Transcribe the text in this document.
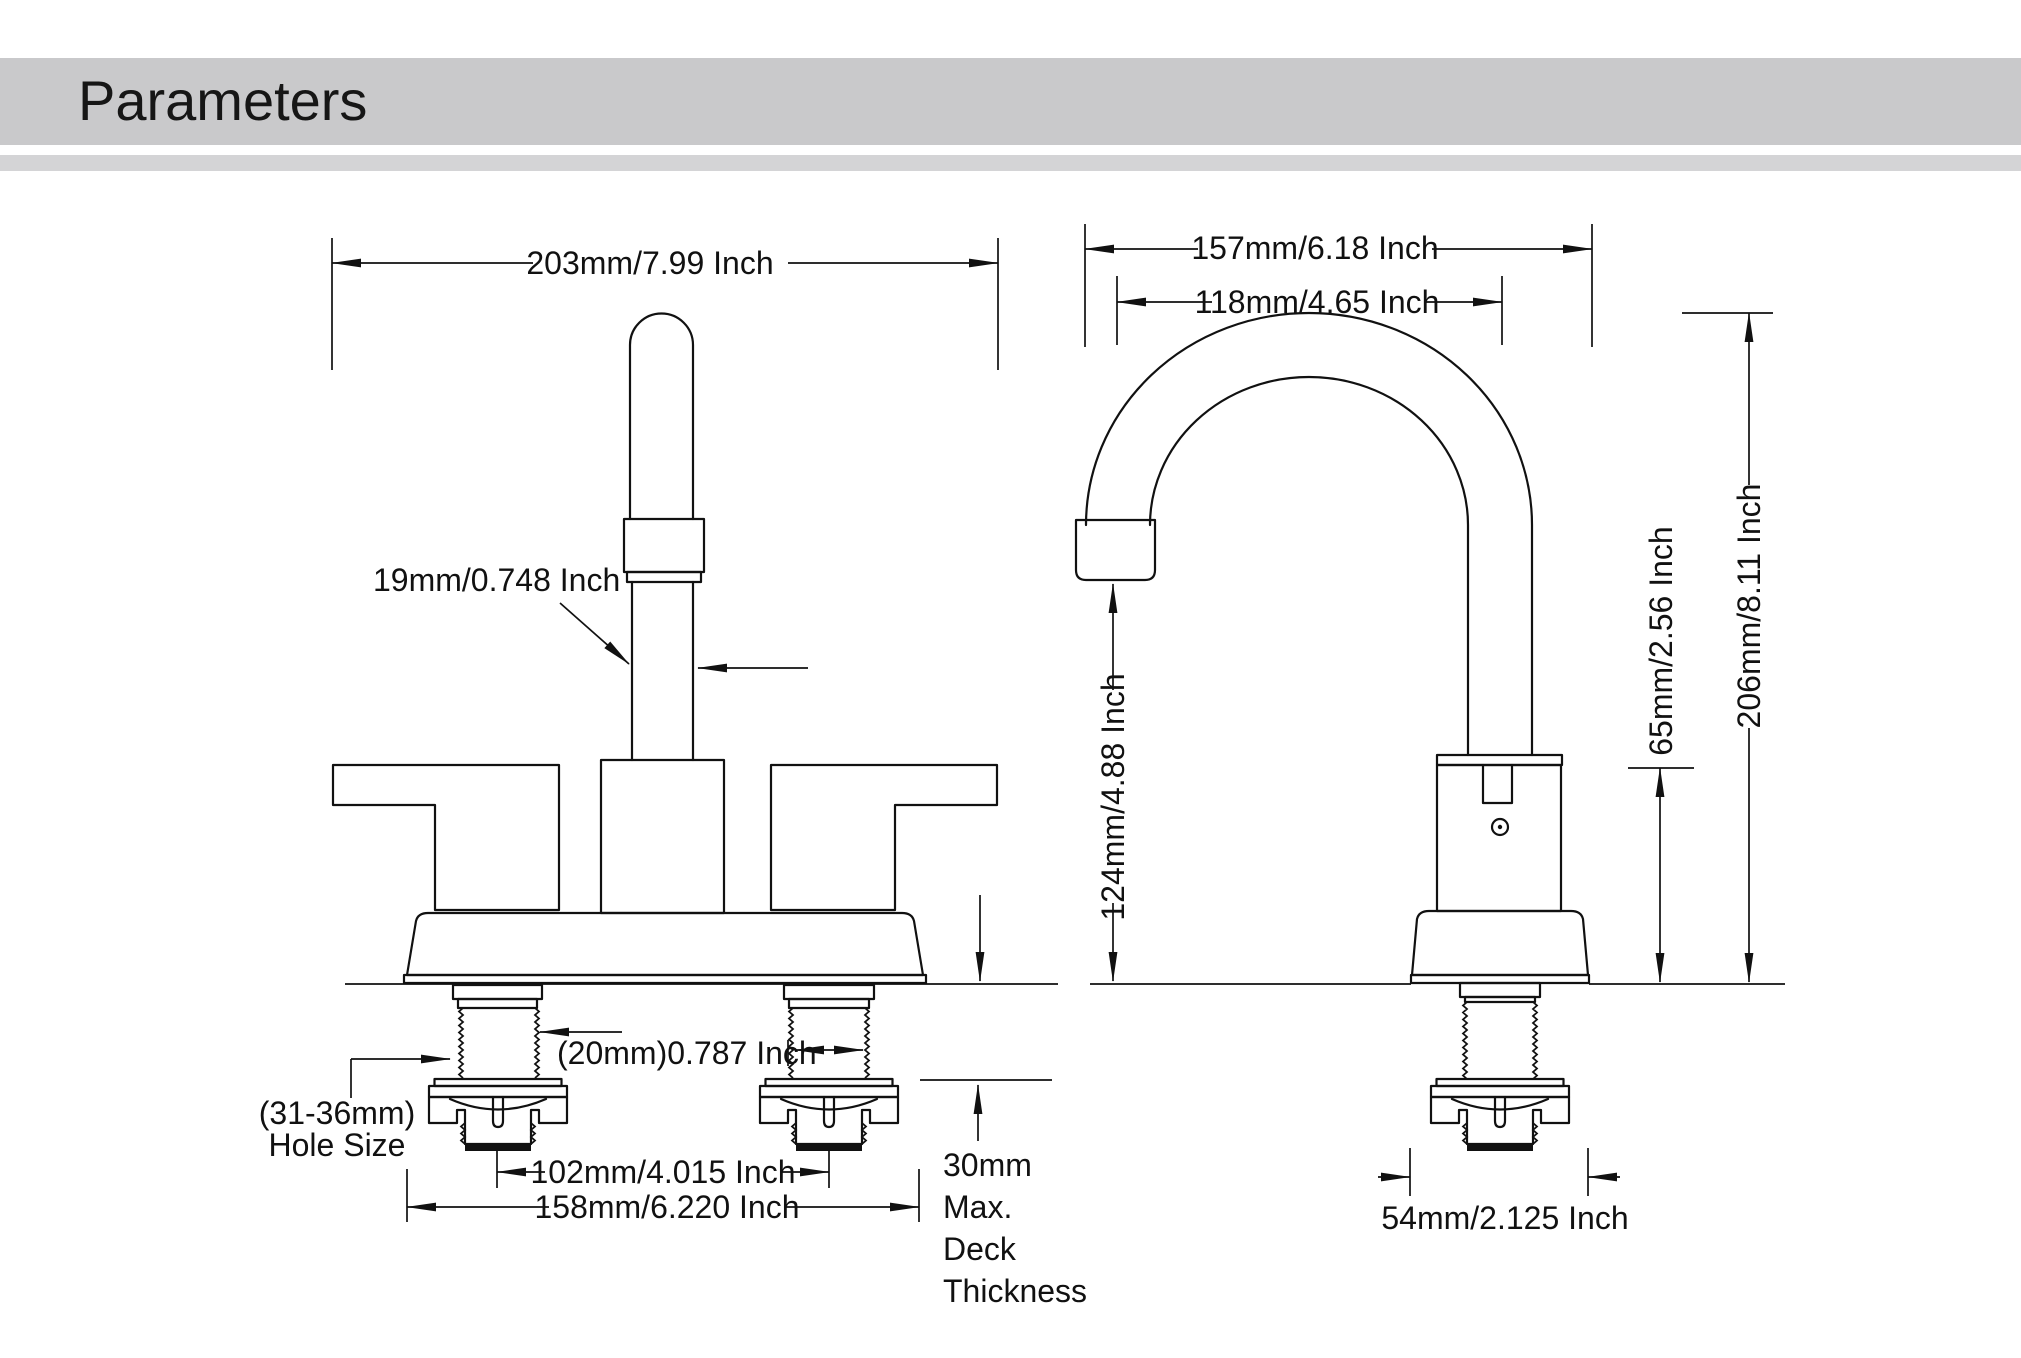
Parameters
203mm/7.99 Inch
19mm/0.748 Inch
(20mm)0.787 Inch
(31-36mm)
Hole Size
102mm/4.015 Inch
158mm/6.220 Inch
30mm
Max.
Deck
Thickness
157mm/6.18 Inch
118mm/4.65 Inch
124mm/4.88 Inch
65mm/2.56 Inch 206mm/8.11 Inch
54mm/2.125 Inch
